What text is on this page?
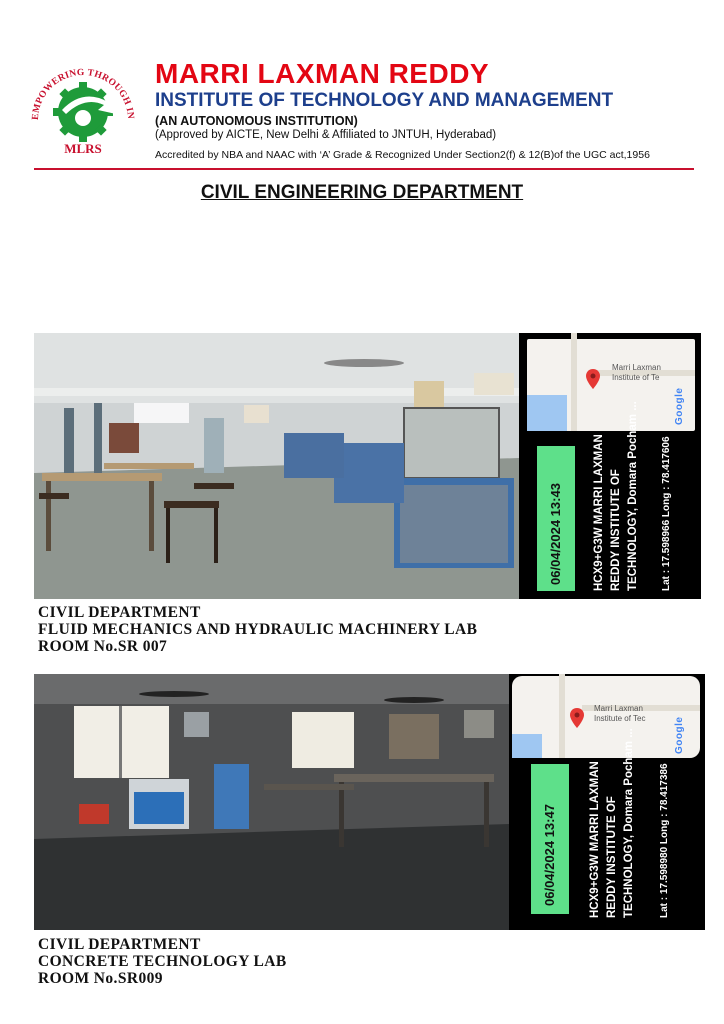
EMPOWERING THROUGH IN
MLRS
MARRI LAXMAN REDDY
INSTITUTE OF TECHNOLOGY AND MANAGEMENT
(AN AUTONOMOUS INSTITUTION)
(Approved by AICTE, New Delhi & Affiliated to JNTUH, Hyderabad)
Accredited by NBA and NAAC with ‘A’ Grade & Recognized Under Section2(f) & 12(B)of the UGC act,1956
CIVIL ENGINEERING DEPARTMENT
Marri Laxman
Institute of Te
Google
06/04/2024 13:43	HCX9+G3W MARRI LAXMAN REDDY INSTITUTE OF TECHNOLOGY, Domara Pocham ... Lat : 17.598966 Long : 78.417606
CIVIL DEPARTMENT
FLUID MECHANICS AND HYDRAULIC MACHINERY LAB
ROOM No.SR 007
Marri Laxman
Institute of Tec	Google
06/04/2024 13:47	HCX9+G3W MARRI LAXMAN REDDY INSTITUTE OF TECHNOLOGY, Domara Pocham ... Lat : 17.598980 Long : 78.417386
CIVIL DEPARTMENT
CONCRETE TECHNOLOGY LAB
ROOM No.SR009
